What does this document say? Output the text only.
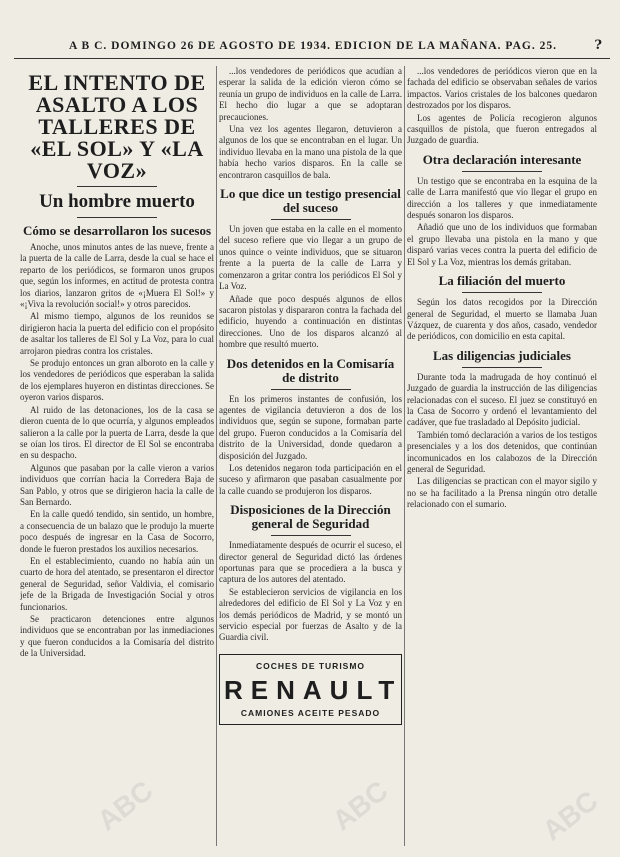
A B C. DOMINGO 26 DE AGOSTO DE 1934. EDICION DE LA MAÑANA. PAG. 25.	?
EL INTENTO DE ASALTO A LOS TALLERES DE «EL SOL» Y «LA VOZ»
Un hombre muerto
Cómo se desarrollaron los sucesos

Anoche, unos minutos antes de las nueve, frente a la puerta de la calle de Larra, desde la cual se hace el reparto de los periódicos, se formaron unos grupos que, según los informes, en actitud de protesta contra los diarios, lanzaron gritos de «¡Muera El Sol!» y «¡Viva la revolución social!» y otros parecidos.

Al mismo tiempo, algunos de los reunidos se dirigieron hacia la puerta del edificio con el propósito de asaltar los talleres de El Sol y La Voz, para lo cual arrojaron piedras contra los cristales.

Se produjo entonces un gran alboroto en la calle y los vendedores de periódicos que esperaban la salida de los ejemplares huyeron en distintas direcciones. Se oyeron varios disparos.

Al ruido de las detonaciones, los de la casa se dieron cuenta de lo que ocurría, y algunos empleados salieron a la calle por la puerta de Larra, desde la que se oían los tiros. El director de El Sol se encontraba en su despacho.

Algunos que pasaban por la calle vieron a varios individuos que corrían hacia la Corredera Baja de San Pablo, y otros que se dirigieron hacia la calle de San Bernardo.

En la calle quedó tendido, sin sentido, un hombre, a consecuencia de un balazo que le produjo la muerte poco después de ingresar en la Casa de Socorro, donde le fueron prestados los auxilios necesarios.

En el establecimiento, cuando no había aún un cuarto de hora del atentado, se presentaron el director general de Seguridad, señor Valdivia, el comisario jefe de la Brigada de Investigación Social y otros funcionarios.

Se practicaron detenciones entre algunos individuos que se encontraban por las inmediaciones y que fueron conducidos a la Comisaría del distrito de la Universidad.

...los vendedores de periódicos que acudían a esperar la salida de la edición vieron cómo se reunía un grupo de individuos en la calle de Larra. El hecho dio lugar a que se adoptaran precauciones.

Una vez los agentes llegaron, detuvieron a algunos de los que se encontraban en el lugar. Un individuo llevaba en la mano una pistola de la que había hecho varios disparos. En la calle se encontraron casquillos de bala.

Lo que dice un testigo presencial del suceso

Un joven que estaba en la calle en el momento del suceso refiere que vio llegar a un grupo de unos quince o veinte individuos, que se situaron frente a la puerta de la calle de Larra y comenzaron a gritar contra los periódicos El Sol y La Voz.

Añade que poco después algunos de ellos sacaron pistolas y dispararon contra la fachada del edificio, huyendo a continuación en distintas direcciones. Uno de los disparos alcanzó al hombre que resultó muerto.

Dos detenidos en la Comisaría de distrito

En los primeros instantes de confusión, los agentes de vigilancia detuvieron a dos de los individuos que, según se supone, formaban parte del grupo. Fueron conducidos a la Comisaría del distrito de la Universidad, donde quedaron a disposición del Juzgado.

Los detenidos negaron toda participación en el suceso y afirmaron que pasaban casualmente por la calle cuando se produjeron los disparos.

Disposiciones de la Dirección general de Seguridad

Inmediatamente después de ocurrir el suceso, el director general de Seguridad dictó las órdenes oportunas para que se procediera a la busca y captura de los autores del atentado.

Se establecieron servicios de vigilancia en los alrededores del edificio de El Sol y La Voz y en los demás periódicos de Madrid, y se montó un servicio especial por fuerzas de Asalto y de la Guardia civil.

COCHES DE TURISMO
RENAULT
CAMIONES ACEITE PESADO

...los vendedores de periódicos vieron que en la fachada del edificio se observaban señales de varios impactos. Varios cristales de los balcones quedaron destrozados por los disparos.

Los agentes de Policía recogieron algunos casquillos de pistola, que fueron entregados al Juzgado de guardia.

Otra declaración interesante

Un testigo que se encontraba en la esquina de la calle de Larra manifestó que vio llegar el grupo en dirección a los talleres y que inmediatamente después sonaron los disparos.

Añadió que uno de los individuos que formaban el grupo llevaba una pistola en la mano y que disparó varias veces contra la puerta del edificio de El Sol y La Voz, mientras los demás gritaban.

La filiación del muerto

Según los datos recogidos por la Dirección general de Seguridad, el muerto se llamaba Juan Vázquez, de cuarenta y dos años, casado, vendedor de periódicos, con domicilio en esta capital.

Las diligencias judiciales

Durante toda la madrugada de hoy continuó el Juzgado de guardia la instrucción de las diligencias relacionadas con el suceso. El juez se constituyó en la Casa de Socorro y ordenó el levantamiento del cadáver, que fue trasladado al Depósito judicial.

También tomó declaración a varios de los testigos presenciales y a los dos detenidos, que continúan incomunicados en los calabozos de la Dirección general de Seguridad.

Las diligencias se practican con el mayor sigilo y no se ha facilitado a la Prensa ningún otro detalle relacionado con el sumario.

ABC	ABC	ABC
